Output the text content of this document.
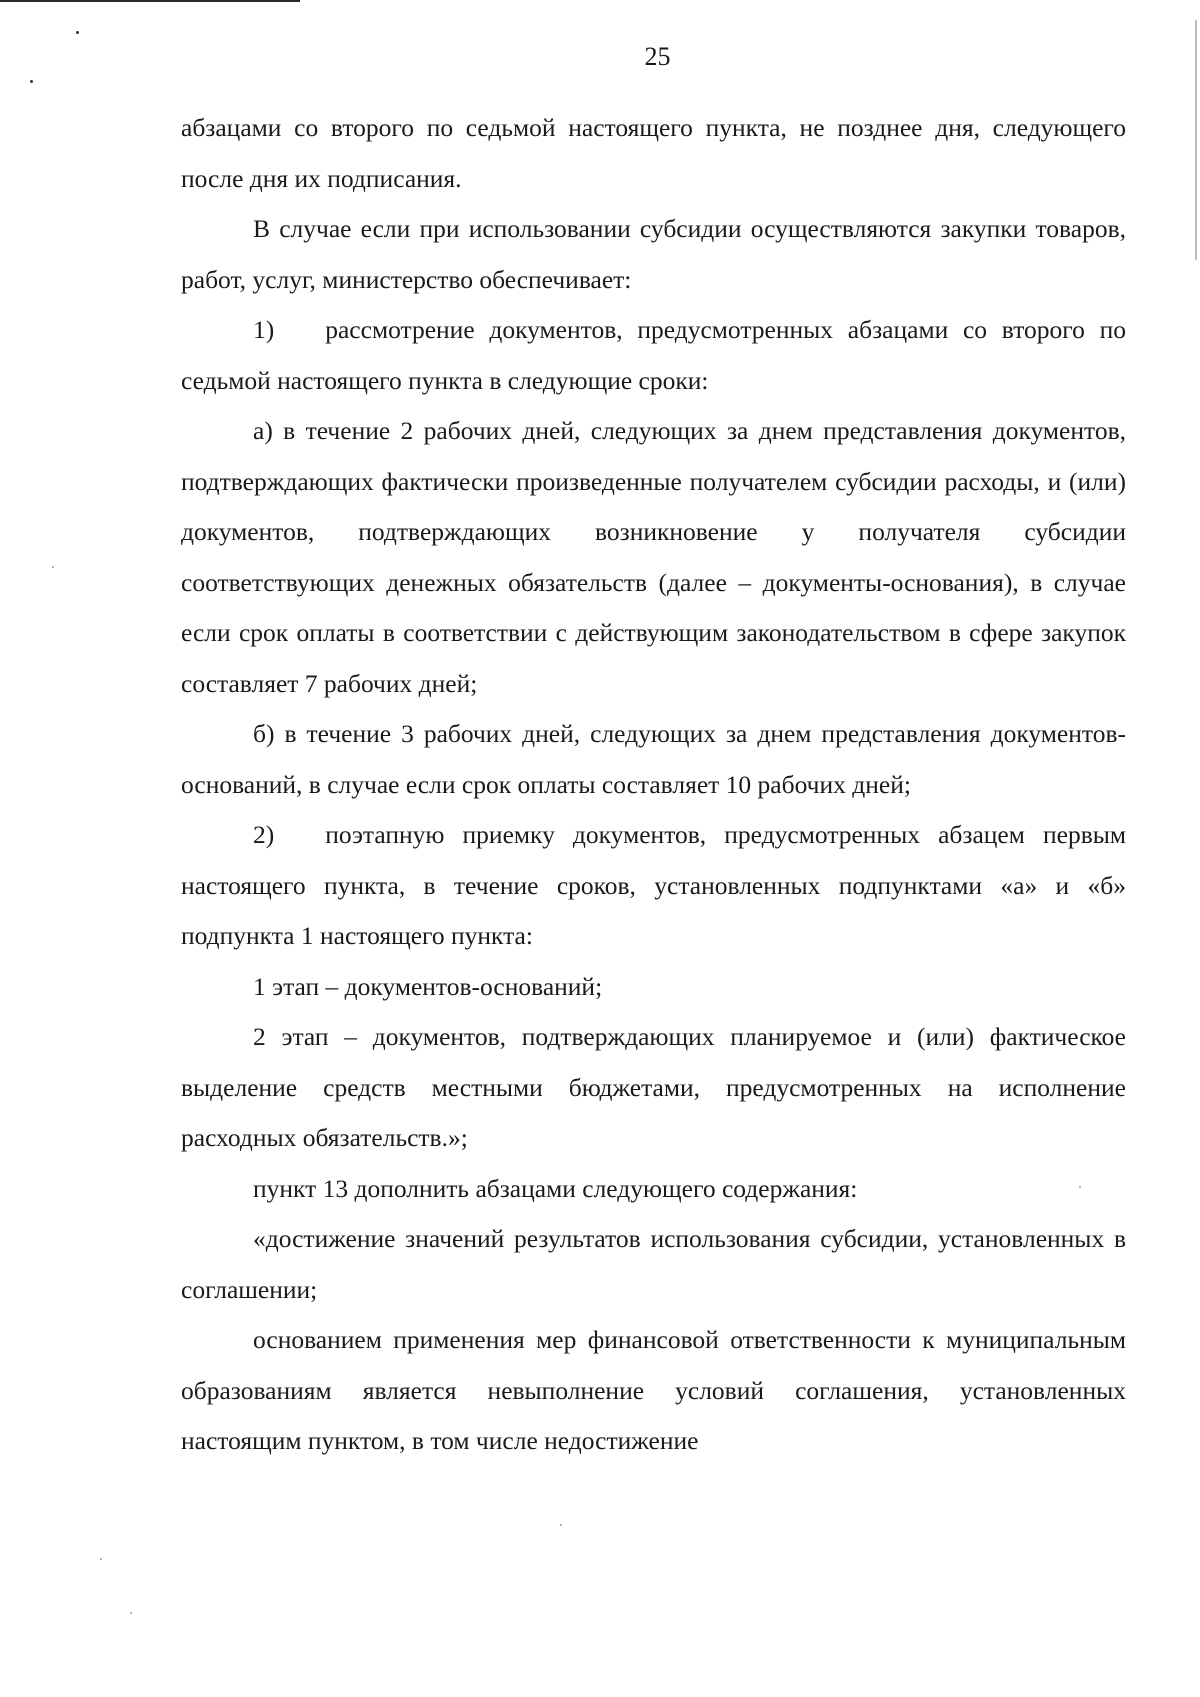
25

абзацами со второго по седьмой настоящего пункта, не позднее дня, следующего после дня их подписания.

В случае если при использовании субсидии осуществляются закупки товаров, работ, услуг, министерство обеспечивает:

1)  рассмотрение документов, предусмотренных абзацами со второго по седьмой настоящего пункта в следующие сроки:

а) в течение 2 рабочих дней, следующих за днем представления документов, подтверждающих фактически произведенные получателем субсидии расходы, и (или) документов, подтверждающих возникновение у получателя субсидии соответствующих денежных обязательств (далее – документы-основания), в случае если срок оплаты в соответствии с действующим законодательством в сфере закупок составляет 7 рабочих дней;

б) в течение 3 рабочих дней, следующих за днем представления документов-оснований, в случае если срок оплаты составляет 10 рабочих дней;

2)  поэтапную приемку документов, предусмотренных абзацем первым настоящего пункта, в течение сроков, установленных подпунктами «а» и «б» подпункта 1 настоящего пункта:

1 этап – документов-оснований;

2 этап – документов, подтверждающих планируемое и (или) фактическое выделение средств местными бюджетами, предусмотренных на исполнение расходных обязательств.»;

пункт 13 дополнить абзацами следующего содержания:

«достижение значений результатов использования субсидии, установленных в соглашении;

основанием применения мер финансовой ответственности к муниципальным образованиям является невыполнение условий соглашения, установленных настоящим пунктом, в том числе недостижение
